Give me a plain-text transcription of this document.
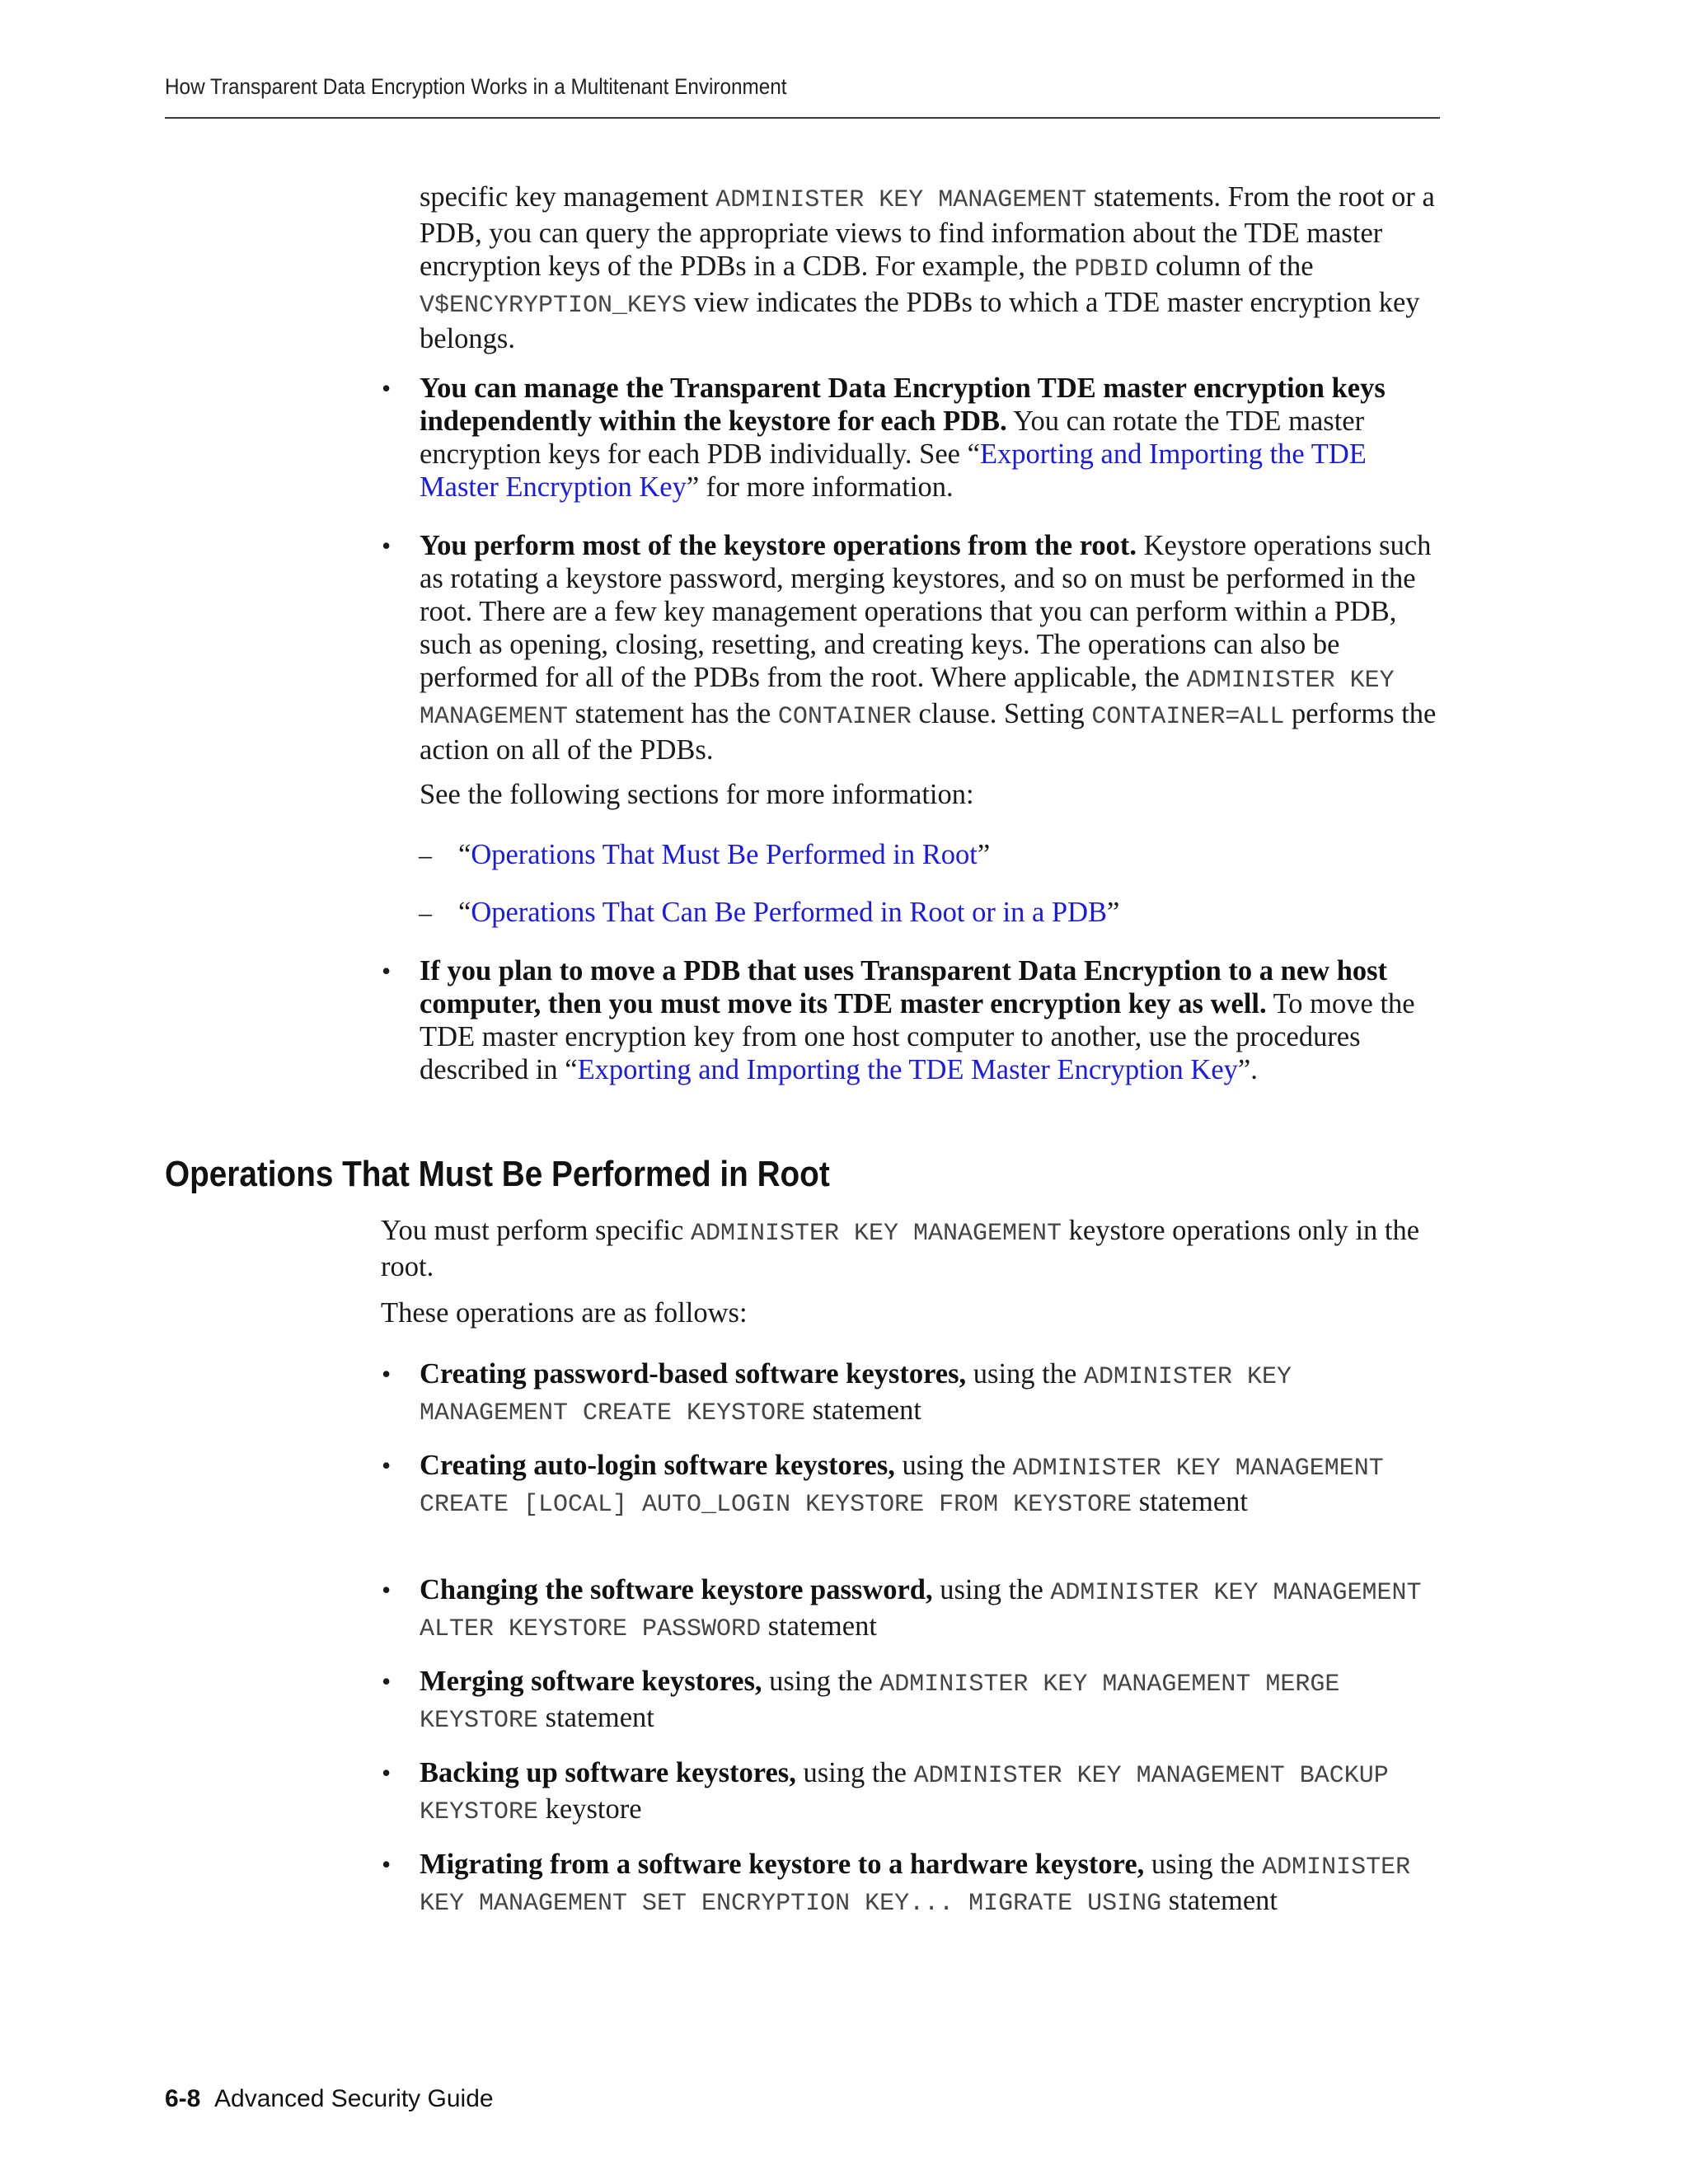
How Transparent Data Encryption Works in a Multitenant Environment

specific key management ADMINISTER KEY MANAGEMENT statements. From the root or a PDB, you can query the appropriate views to find information about the TDE master encryption keys of the PDBs in a CDB. For example, the PDBID column of the V$ENCYRYPTION_KEYS view indicates the PDBs to which a TDE master encryption key belongs.

• You can manage the Transparent Data Encryption TDE master encryption keys independently within the keystore for each PDB. You can rotate the TDE master encryption keys for each PDB individually. See “Exporting and Importing the TDE Master Encryption Key” for more information.

• You perform most of the keystore operations from the root. Keystore operations such as rotating a keystore password, merging keystores, and so on must be performed in the root. There are a few key management operations that you can perform within a PDB, such as opening, closing, resetting, and creating keys. The operations can also be performed for all of the PDBs from the root. Where applicable, the ADMINISTER KEY MANAGEMENT statement has the CONTAINER clause. Setting CONTAINER=ALL performs the action on all of the PDBs.

See the following sections for more information:

– “Operations That Must Be Performed in Root”

– “Operations That Can Be Performed in Root or in a PDB”

• If you plan to move a PDB that uses Transparent Data Encryption to a new host computer, then you must move its TDE master encryption key as well. To move the TDE master encryption key from one host computer to another, use the procedures described in “Exporting and Importing the TDE Master Encryption Key”.

Operations That Must Be Performed in Root

You must perform specific ADMINISTER KEY MANAGEMENT keystore operations only in the root.

These operations are as follows:

• Creating password-based software keystores, using the ADMINISTER KEY MANAGEMENT CREATE KEYSTORE statement

• Creating auto-login software keystores, using the ADMINISTER KEY MANAGEMENT CREATE [LOCAL] AUTO_LOGIN KEYSTORE FROM KEYSTORE statement

• Changing the software keystore password, using the ADMINISTER KEY MANAGEMENT ALTER KEYSTORE PASSWORD statement

• Merging software keystores, using the ADMINISTER KEY MANAGEMENT MERGE KEYSTORE statement

• Backing up software keystores, using the ADMINISTER KEY MANAGEMENT BACKUP KEYSTORE keystore

• Migrating from a software keystore to a hardware keystore, using the ADMINISTER KEY MANAGEMENT SET ENCRYPTION KEY... MIGRATE USING statement

6-8 Advanced Security Guide
